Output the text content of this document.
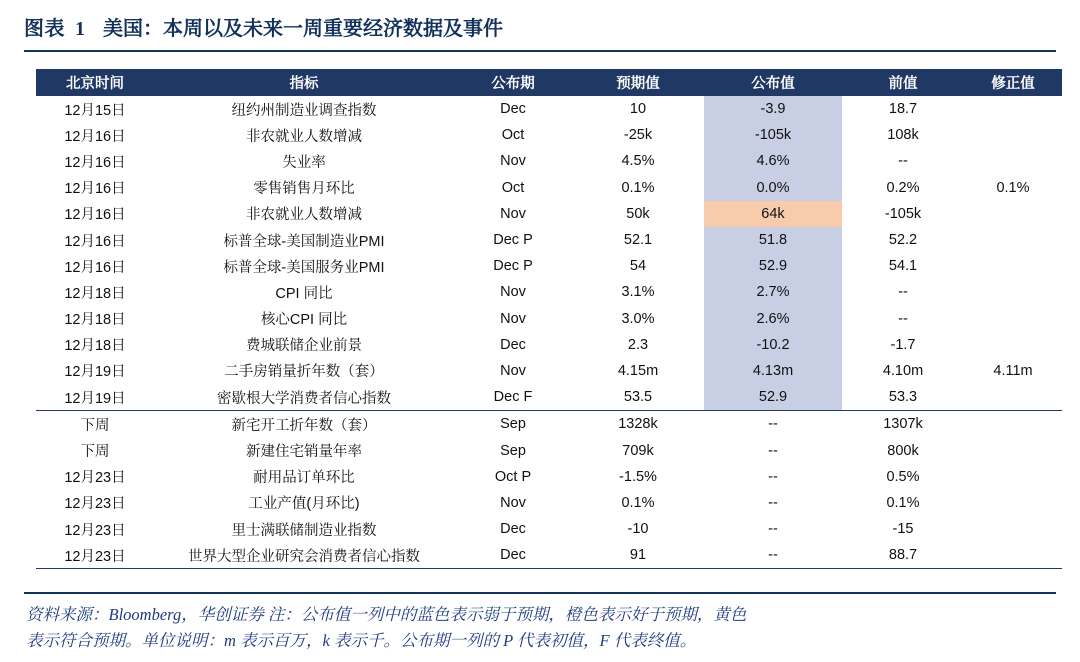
图表 1 美国：本周以及未来一周重要经济数据及事件
北京时间	指标	公布期	预期值	公布值	前值	修正值
12月15日	纽约州制造业调查指数	Dec	10	-3.9	18.7	
12月16日	非农就业人数增减	Oct	-25k	-105k	108k	
12月16日	失业率	Nov	4.5%	4.6%	--	
12月16日	零售销售月环比	Oct	0.1%	0.0%	0.2%	0.1%
12月16日	非农就业人数增减	Nov	50k	64k	-105k	
12月16日	标普全球-美国制造业PMI	Dec P	52.1	51.8	52.2	
12月16日	标普全球-美国服务业PMI	Dec P	54	52.9	54.1	
12月18日	CPI 同比	Nov	3.1%	2.7%	--	
12月18日	核心CPI 同比	Nov	3.0%	2.6%	--	
12月18日	费城联储企业前景	Dec	2.3	-10.2	-1.7	
12月19日	二手房销量折年数（套）	Nov	4.15m	4.13m	4.10m	4.11m
12月19日	密歇根大学消费者信心指数	Dec F	53.5	52.9	53.3	
下周	新宅开工折年数（套）	Sep	1328k	--	1307k	
下周	新建住宅销量年率	Sep	709k	--	800k	
12月23日	耐用品订单环比	Oct P	-1.5%	--	0.5%	
12月23日	工业产值(月环比)	Nov	0.1%	--	0.1%	
12月23日	里士满联储制造业指数	Dec	-10	--	-15	
12月23日	世界大型企业研究会消费者信心指数	Dec	91	--	88.7	
资料来源：Bloomberg，华创证券 注：公布值一列中的蓝色表示弱于预期，橙色表示好于预期，黄色
表示符合预期。单位说明：m 表示百万，k 表示千。公布期一列的 P 代表初值，F 代表终值。
